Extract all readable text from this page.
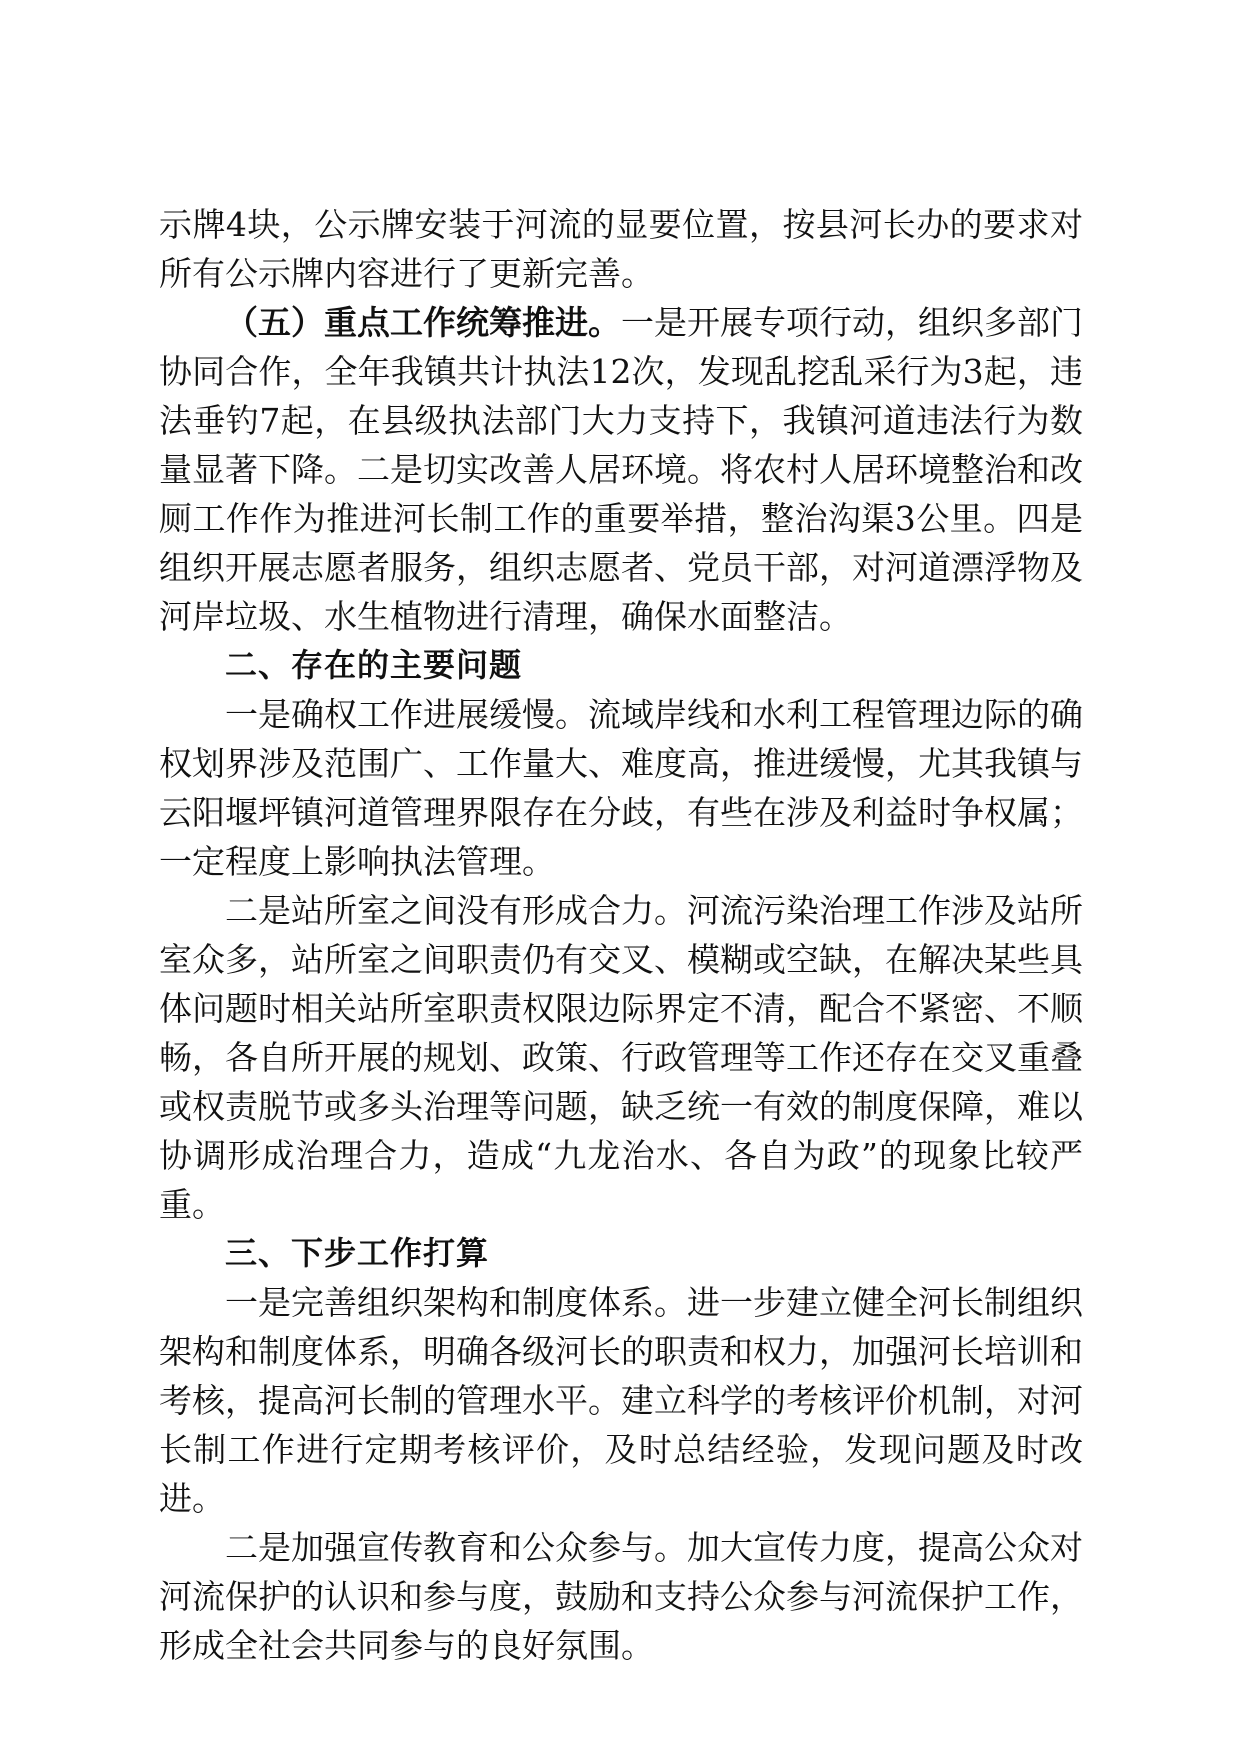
示牌4块，公示牌安装于河流的显要位置，按县河长办的要求对所有公示牌内容进行了更新完善。

（五）重点工作统筹推进。一是开展专项行动，组织多部门协同合作，全年我镇共计执法12次，发现乱挖乱采行为3起，违法垂钓7起，在县级执法部门大力支持下，我镇河道违法行为数量显著下降。二是切实改善人居环境。将农村人居环境整治和改厕工作作为推进河长制工作的重要举措，整治沟渠3公里。四是组织开展志愿者服务，组织志愿者、党员干部，对河道漂浮物及河岸垃圾、水生植物进行清理，确保水面整洁。

二、存在的主要问题

一是确权工作进展缓慢。流域岸线和水利工程管理边际的确权划界涉及范围广、工作量大、难度高，推进缓慢，尤其我镇与云阳堰坪镇河道管理界限存在分歧，有些在涉及利益时争权属；一定程度上影响执法管理。

二是站所室之间没有形成合力。河流污染治理工作涉及站所室众多，站所室之间职责仍有交叉、模糊或空缺，在解决某些具体问题时相关站所室职责权限边际界定不清，配合不紧密、不顺畅，各自所开展的规划、政策、行政管理等工作还存在交叉重叠或权责脱节或多头治理等问题，缺乏统一有效的制度保障，难以协调形成治理合力，造成“九龙治水、各自为政”的现象比较严重。

三、下步工作打算

一是完善组织架构和制度体系。进一步建立健全河长制组织架构和制度体系，明确各级河长的职责和权力，加强河长培训和考核，提高河长制的管理水平。建立科学的考核评价机制，对河长制工作进行定期考核评价，及时总结经验，发现问题及时改进。

二是加强宣传教育和公众参与。加大宣传力度，提高公众对河流保护的认识和参与度，鼓励和支持公众参与河流保护工作，形成全社会共同参与的良好氛围。
